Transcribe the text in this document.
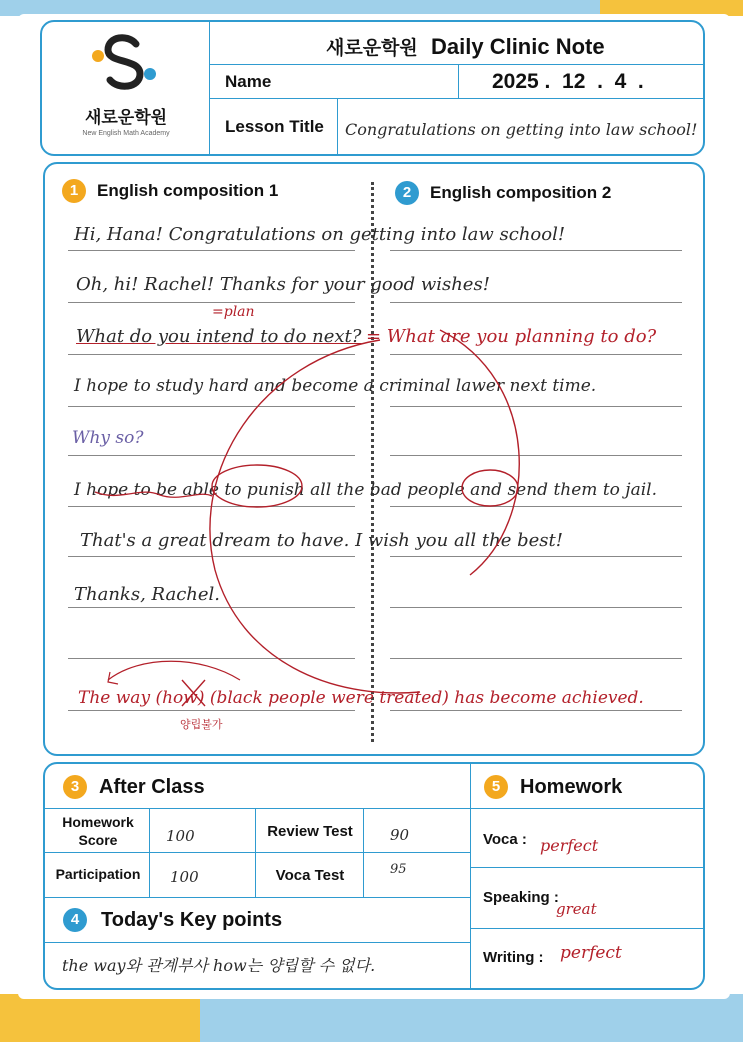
새로운학원
New English Math Academy
새로운학원 Daily Clinic Note
Name	2025 .  12  .  4  .
Lesson Title Congratulations on getting into law school!
1	English composition 1	2	English composition 2
Hi, Hana! Congratulations on getting into law school!
Oh, hi! Rachel! Thanks for your good wishes!
=plan
What do you intend to do next? = What are you planning to do?
I hope to study hard and become a criminal lawer next time.
Why so?
I hope to be able to punish all the bad people and send them to jail.
That's a great dream to have. I wish you all the best!
Thanks, Rachel.
The way (how) (black people were treated) has become achieved.
양립불가
3 After Class
Homework Score	100	Review Test	90
Participation 100	Voca Test	95
4	Today's Key points
the way와 관계부사 how는 양립할 수 없다.
5 Homework
Voca : perfect
Speaking :
great
Writing : perfect
